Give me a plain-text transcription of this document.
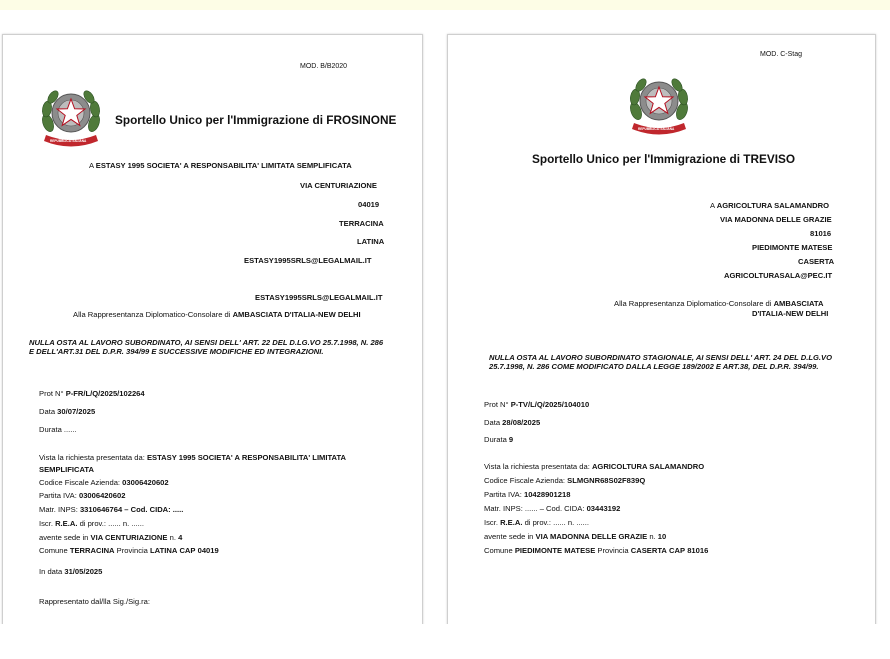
MOD. B/B2020
REPUBBLICA ITALIANA
Sportello Unico per l'Immigrazione di FROSINONE
A ESTASY 1995 SOCIETA' A RESPONSABILITA' LIMITATA SEMPLIFICATA
VIA CENTURIAZIONE
04019
TERRACINA
LATINA
ESTASY1995SRLS@LEGALMAIL.IT
ESTASY1995SRLS@LEGALMAIL.IT
Alla Rappresentanza Diplomatico-Consolare di AMBASCIATA D'ITALIA-NEW DELHI
NULLA OSTA AL LAVORO SUBORDINATO, AI SENSI DELL' ART. 22 DEL D.LG.VO 25.7.1998, N. 286 E DELL'ART.31 DEL D.P.R. 394/99 E SUCCESSIVE MODIFICHE ED INTEGRAZIONI.
Prot N° P-FR/L/Q/2025/102264
Data 30/07/2025
Durata ......
Vista la richiesta presentata da: ESTASY 1995 SOCIETA' A RESPONSABILITA' LIMITATA
SEMPLIFICATA
Codice Fiscale Azienda: 03006420602
Partita IVA: 03006420602
Matr. INPS: 3310646764 – Cod. CIDA: .....
Iscr. R.E.A. di prov.: ...... n. ......
avente sede in VIA CENTURIAZIONE n. 4
Comune TERRACINA Provincia LATINA CAP 04019
In data 31/05/2025
Rappresentato dal/lla Sig./Sig.ra:
MOD. C-Stag
REPUBBLICA ITALIANA
Sportello Unico per l'Immigrazione di TREVISO
A AGRICOLTURA SALAMANDRO
VIA MADONNA DELLE GRAZIE
81016
PIEDIMONTE MATESE
CASERTA
AGRICOLTURASALA@PEC.IT
Alla Rappresentanza Diplomatico-Consolare di AMBASCIATA
D'ITALIA-NEW DELHI
NULLA OSTA AL LAVORO SUBORDINATO STAGIONALE, AI SENSI DELL' ART. 24 DEL D.LG.VO 25.7.1998, N. 286 COME MODIFICATO DALLA LEGGE 189/2002 E ART.38, DEL D.P.R. 394/99.
Prot N° P-TV/L/Q/2025/104010
Data 28/08/2025
Durata 9
Vista la richiesta presentata da: AGRICOLTURA SALAMANDRO
Codice Fiscale Azienda: SLMGNR68S02F839Q
Partita IVA: 10428901218
Matr. INPS: ...... – Cod. CIDA: 03443192
Iscr. R.E.A. di prov.: ...... n. ......
avente sede in VIA MADONNA DELLE GRAZIE n. 10
Comune PIEDIMONTE MATESE Provincia CASERTA CAP 81016
